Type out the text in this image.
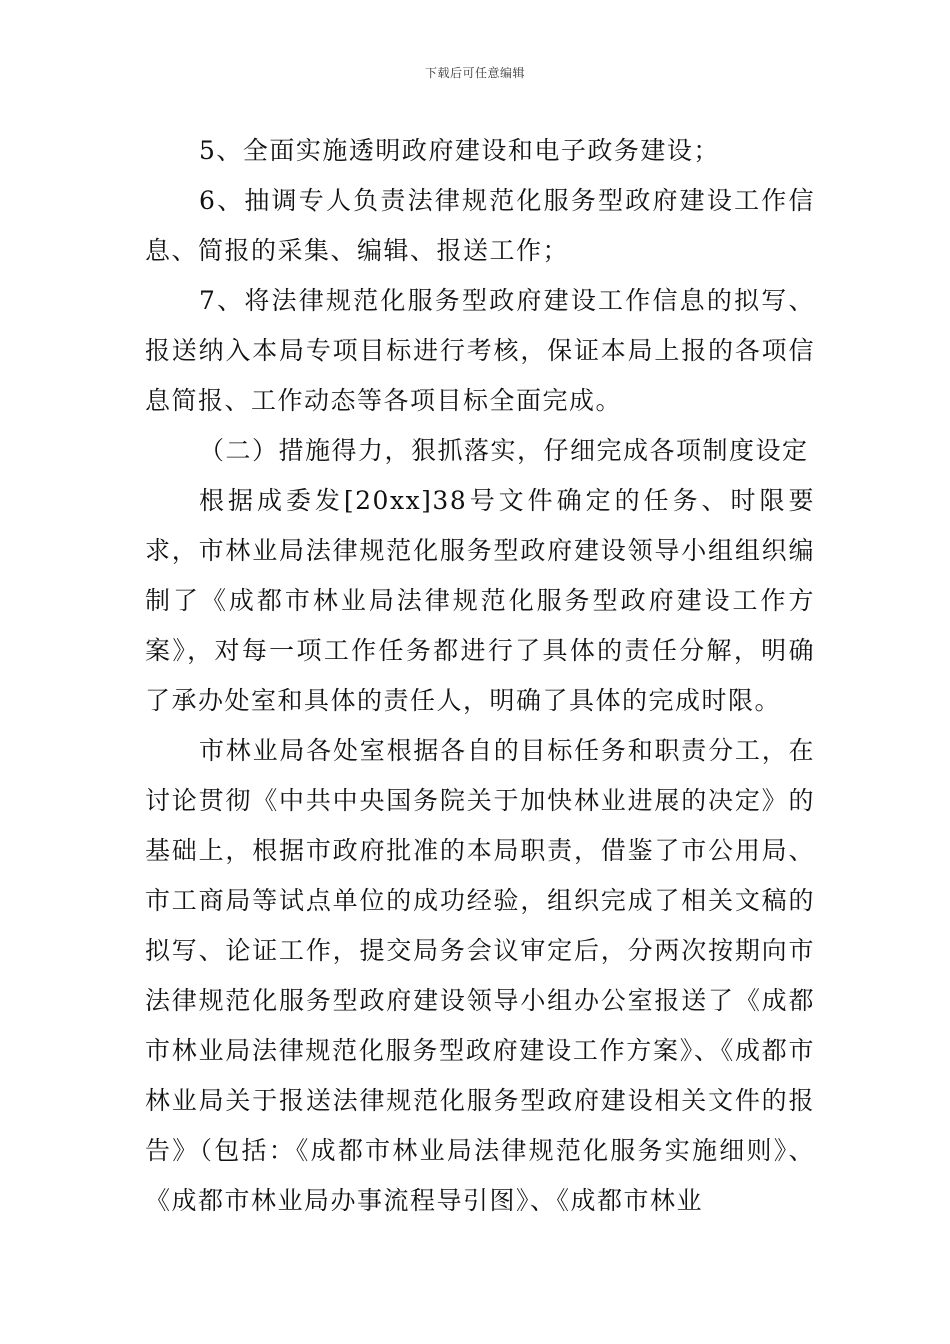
下载后可任意编辑

5、全面实施透明政府建设和电子政务建设；

6、抽调专人负责法律规范化服务型政府建设工作信息、简报的采集、编辑、报送工作；

7、将法律规范化服务型政府建设工作信息的拟写、报送纳入本局专项目标进行考核，保证本局上报的各项信息简报、工作动态等各项目标全面完成。

（二）措施得力，狠抓落实，仔细完成各项制度设定

根据成委发[20xx]38号文件确定的任务、时限要求，市林业局法律规范化服务型政府建设领导小组组织编制了《成都市林业局法律规范化服务型政府建设工作方案》，对每一项工作任务都进行了具体的责任分解，明确了承办处室和具体的责任人，明确了具体的完成时限。

市林业局各处室根据各自的目标任务和职责分工，在讨论贯彻《中共中央国务院关于加快林业进展的决定》的基础上，根据市政府批准的本局职责，借鉴了市公用局、市工商局等试点单位的成功经验，组织完成了相关文稿的拟写、论证工作，提交局务会议审定后，分两次按期向市法律规范化服务型政府建设领导小组办公室报送了《成都市林业局法律规范化服务型政府建设工作方案》、《成都市林业局关于报送法律规范化服务型政府建设相关文件的报告》（包括：《成都市林业局法律规范化服务实施细则》、《成都市林业局办事流程导引图》、《成都市林业
